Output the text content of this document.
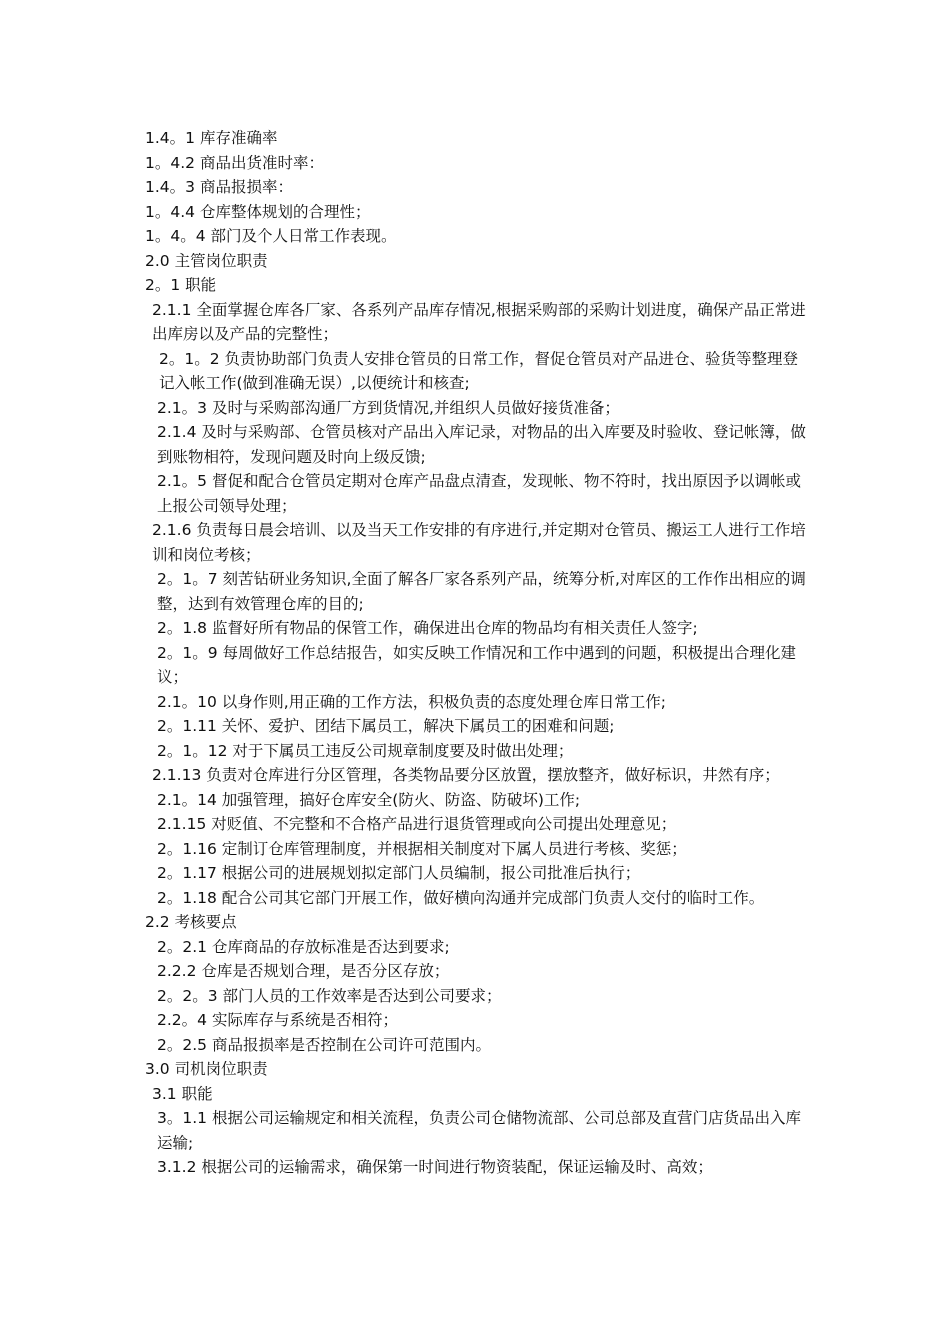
1.4。1 库存准确率

1。4.2 商品出货准时率：

1.4。3 商品报损率：

1。4.4 仓库整体规划的合理性；

1。4。4 部门及个人日常工作表现。

2.0 主管岗位职责

2。1 职能

2.1.1 全面掌握仓库各厂家、各系列产品库存情况,根据采购部的采购计划进度，确保产品正常进出库房以及产品的完整性；

2。1。2 负责协助部门负责人安排仓管员的日常工作，督促仓管员对产品进仓、验货等整理登记入帐工作(做到准确无误）,以便统计和核查;

2.1。3 及时与采购部沟通厂方到货情况,并组织人员做好接货准备；

2.1.4 及时与采购部、仓管员核对产品出入库记录，对物品的出入库要及时验收、登记帐簿，做到账物相符，发现问题及时向上级反馈;

2.1。5 督促和配合仓管员定期对仓库产品盘点清查，发现帐、物不符时，找出原因予以调帐或上报公司领导处理；

2.1.6 负责每日晨会培训、以及当天工作安排的有序进行,并定期对仓管员、搬运工人进行工作培训和岗位考核；

2。1。7 刻苦钻研业务知识,全面了解各厂家各系列产品，统筹分析,对库区的工作作出相应的调整，达到有效管理仓库的目的;

2。1.8 监督好所有物品的保管工作，确保进出仓库的物品均有相关责任人签字;

2。1。9 每周做好工作总结报告，如实反映工作情况和工作中遇到的问题，积极提出合理化建议；

2.1。10 以身作则,用正确的工作方法，积极负责的态度处理仓库日常工作;

2。1.11 关怀、爱护、团结下属员工，解决下属员工的困难和问题;

2。1。12 对于下属员工违反公司规章制度要及时做出处理；

2.1.13 负责对仓库进行分区管理，各类物品要分区放置，摆放整齐，做好标识，井然有序；

2.1。14 加强管理，搞好仓库安全(防火、防盗、防破坏)工作;

2.1.15 对贬值、不完整和不合格产品进行退货管理或向公司提出处理意见；

2。1.16 定制订仓库管理制度，并根据相关制度对下属人员进行考核、奖惩；

2。1.17 根据公司的进展规划拟定部门人员编制，报公司批准后执行；

2。1.18 配合公司其它部门开展工作，做好横向沟通并完成部门负责人交付的临时工作。

2.2 考核要点

2。2.1 仓库商品的存放标准是否达到要求;

2.2.2 仓库是否规划合理，是否分区存放；

2。2。3 部门人员的工作效率是否达到公司要求；

2.2。4 实际库存与系统是否相符；

2。2.5 商品报损率是否控制在公司许可范围内。

3.0 司机岗位职责

3.1 职能

3。1.1 根据公司运输规定和相关流程，负责公司仓储物流部、公司总部及直营门店货品出入库运输;

3.1.2 根据公司的运输需求，确保第一时间进行物资装配，保证运输及时、高效；
